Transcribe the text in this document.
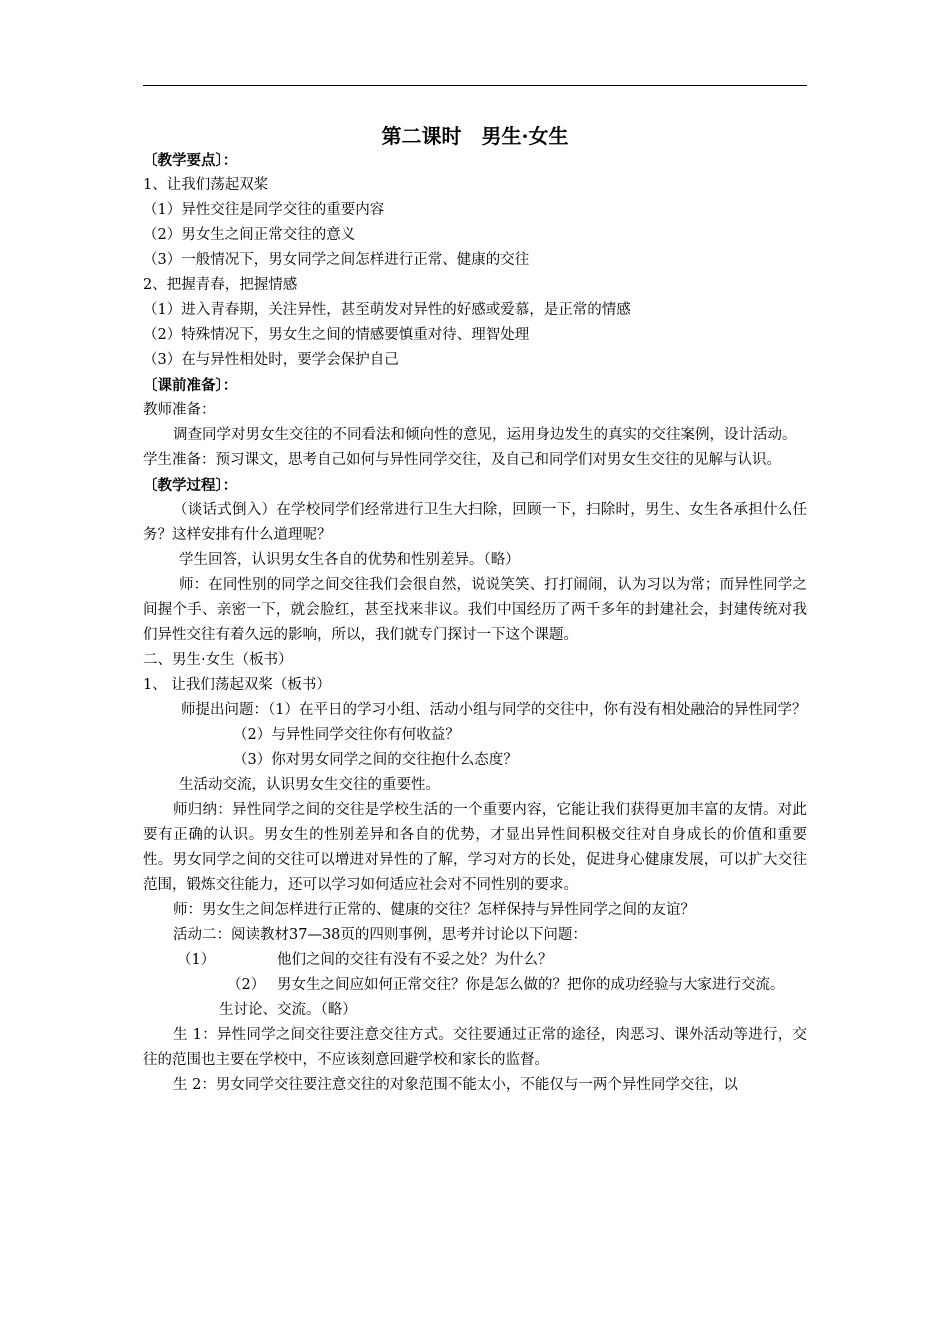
第二课时　男生·女生

〔教学要点〕：

1、让我们荡起双桨

（1）异性交往是同学交往的重要内容

（2）男女生之间正常交往的意义

（3）一般情况下，男女同学之间怎样进行正常、健康的交往

2、把握青春，把握情感

（1）进入青春期，关注异性，甚至萌发对异性的好感或爱慕，是正常的情感

（2）特殊情况下，男女生之间的情感要慎重对待、理智处理

（3）在与异性相处时，要学会保护自己

〔课前准备〕：

教师准备：

调查同学对男女生交往的不同看法和倾向性的意见，运用身边发生的真实的交往案例，设计活动。

学生准备：预习课文，思考自己如何与异性同学交往，及自己和同学们对男女生交往的见解与认识。

〔教学过程〕：

（谈话式倒入）在学校同学们经常进行卫生大扫除，回顾一下，扫除时，男生、女生各承担什么任务？这样安排有什么道理呢？

学生回答，认识男女生各自的优势和性别差异。（略）

师：在同性别的同学之间交往我们会很自然，说说笑笑、打打闹闹，认为习以为常；而异性同学之间握个手、亲密一下，就会脸红，甚至找来非议。我们中国经历了两千多年的封建社会，封建传统对我们异性交往有着久远的影响，所以，我们就专门探讨一下这个课题。

二、男生·女生（板书）

1、 让我们荡起双桨（板书）

师提出问题：（1）在平日的学习小组、活动小组与同学的交往中，你有没有相处融洽的异性同学？

（2）与异性同学交往你有何收益？

（3）你对男女同学之间的交往抱什么态度？

生活动交流，认识男女生交往的重要性。

师归纳：异性同学之间的交往是学校生活的一个重要内容，它能让我们获得更加丰富的友情。对此要有正确的认识。男女生的性别差异和各自的优势，才显出异性间积极交往对自身成长的价值和重要性。男女同学之间的交往可以增进对异性的了解，学习对方的长处，促进身心健康发展，可以扩大交往范围，锻炼交往能力，还可以学习如何适应社会对不同性别的要求。

师：男女生之间怎样进行正常的、健康的交往？怎样保持与异性同学之间的友谊？

活动二：阅读教材37—38页的四则事例，思考并讨论以下问题：

（1）	他们之间的交往有没有不妥之处？为什么？
（2） 男女生之间应如何正常交往？你是怎么做的？把你的成功经验与大家进行交流。

生讨论、交流。（略）

生 1：异性同学之间交往要注意交往方式。交往要通过正常的途径，肉恶习、课外活动等进行，交往的范围也主要在学校中，不应该刻意回避学校和家长的监督。

生 2：男女同学交往要注意交往的对象范围不能太小，不能仅与一两个异性同学交往，以
